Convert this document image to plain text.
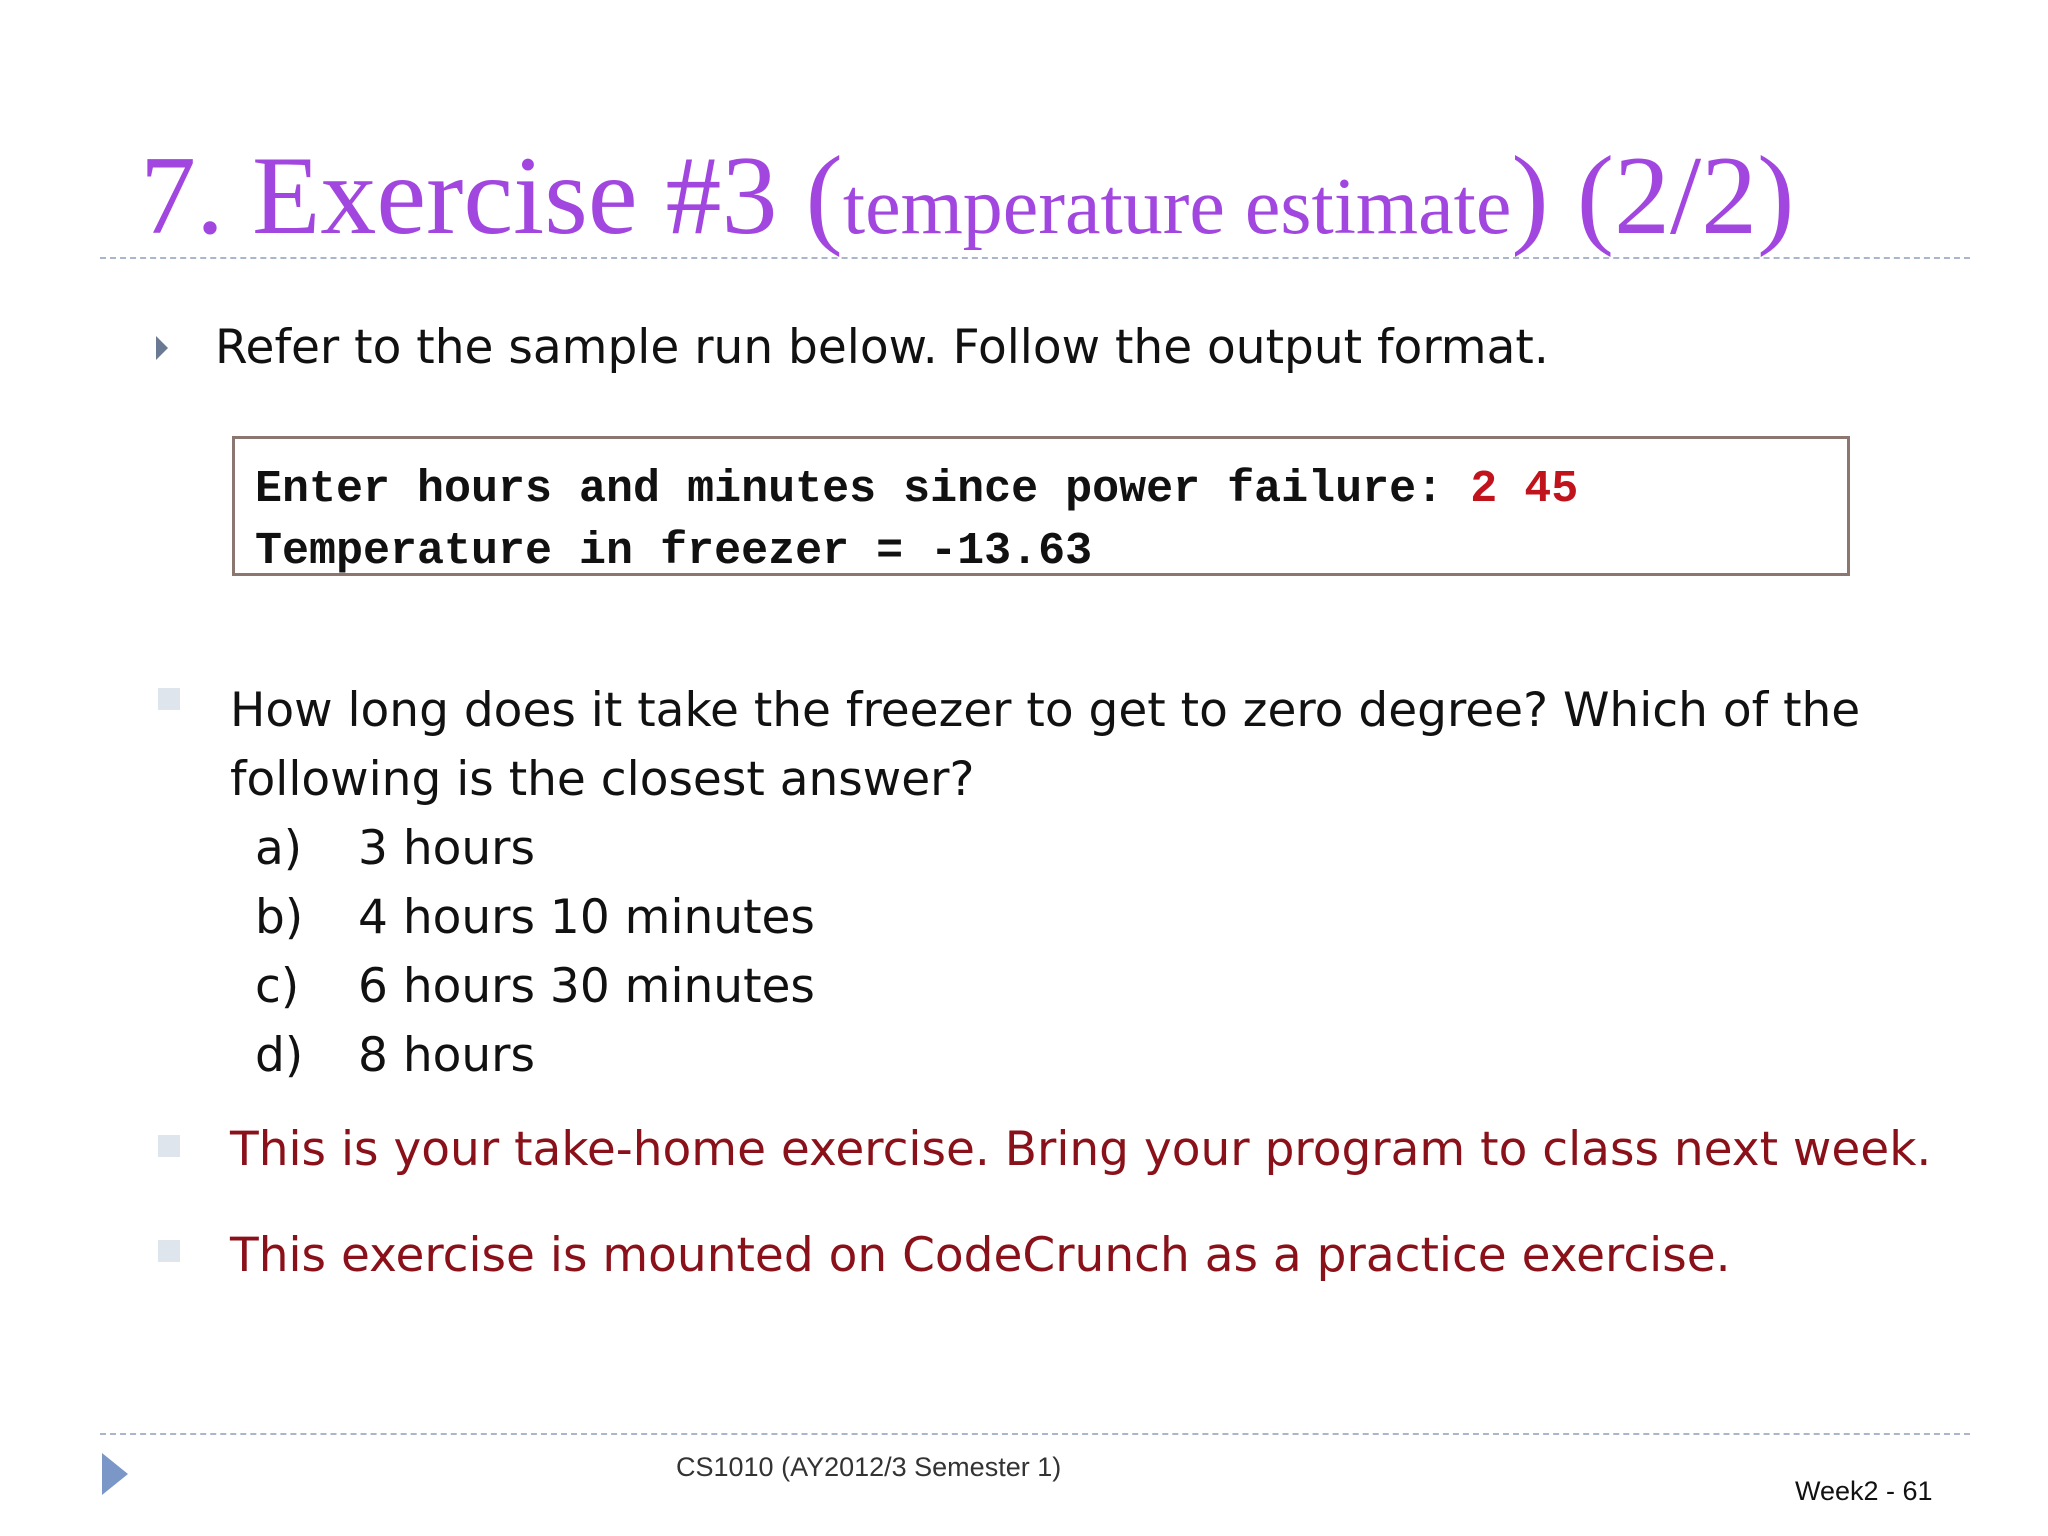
7. Exercise #3 (temperature estimate) (2/2)
Refer to the sample run below. Follow the output format.
Enter hours and minutes since power failure: 2 45
Temperature in freezer = -13.63

How long does it take the freezer to get to zero degree? Which of the following is the closest answer?

a) 3 hours
b) 4 hours 10 minutes
c) 6 hours 30 minutes
d) 8 hours
This is your take-home exercise. Bring your program to class next week.
This exercise is mounted on CodeCrunch as a practice exercise.
CS1010 (AY2012/3 Semester 1)
Week2 - 61
